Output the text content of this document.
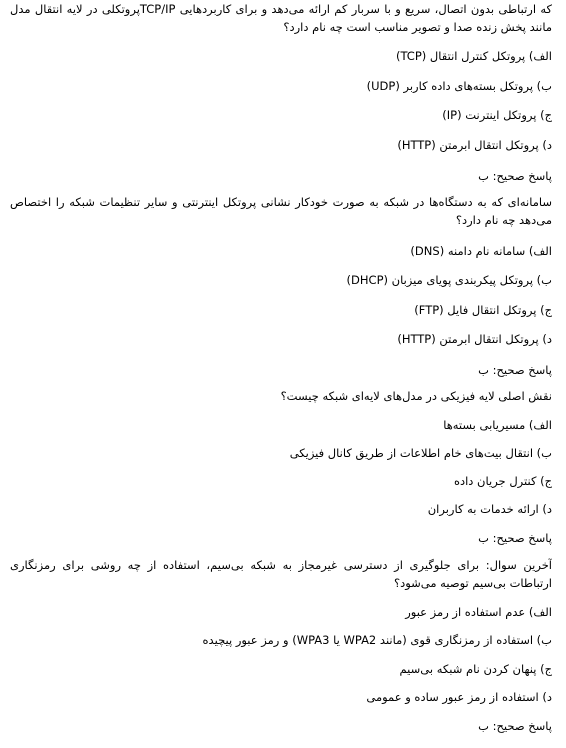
که ارتباطی بدون اتصال، سریع و با سربار کم ارائه می‌دهد و برای کاربردهایی TCP/IPپروتکلی در لایه انتقال مدل مانند پخش زنده صدا و تصویر مناسب است چه نام دارد؟

الف) پروتکل کنترل انتقال (TCP)

ب) پروتکل بسته‌های داده کاربر (UDP)

ج) پروتکل اینترنت (IP)

د) پروتکل انتقال ابرمتن (HTTP)

پاسخ صحیح: ب

سامانه‌ای که به دستگاه‌ها در شبکه به صورت خودکار نشانی پروتکل اینترنتی و سایر تنظیمات شبکه را اختصاص می‌دهد چه نام دارد؟

الف) سامانه نام دامنه (DNS)

ب) پروتکل پیکربندی پویای میزبان (DHCP)

ج) پروتکل انتقال فایل (FTP)

د) پروتکل انتقال ابرمتن (HTTP)

پاسخ صحیح: ب

نقش اصلی لایه فیزیکی در مدل‌های لایه‌ای شبکه چیست؟

الف) مسیریابی بسته‌ها

ب) انتقال بیت‌های خام اطلاعات از طریق کانال فیزیکی

ج) کنترل جریان داده

د) ارائه خدمات به کاربران

پاسخ صحیح: ب

آخرین سوال: برای جلوگیری از دسترسی غیرمجاز به شبکه بی‌سیم، استفاده از چه روشی برای رمزنگاری ارتباطات بی‌سیم توصیه می‌شود؟

الف) عدم استفاده از رمز عبور

ب) استفاده از رمزنگاری قوی (مانند WPA2 یا WPA3) و رمز عبور پیچیده

ج) پنهان کردن نام شبکه بی‌سیم

د) استفاده از رمز عبور ساده و عمومی

پاسخ صحیح: ب
